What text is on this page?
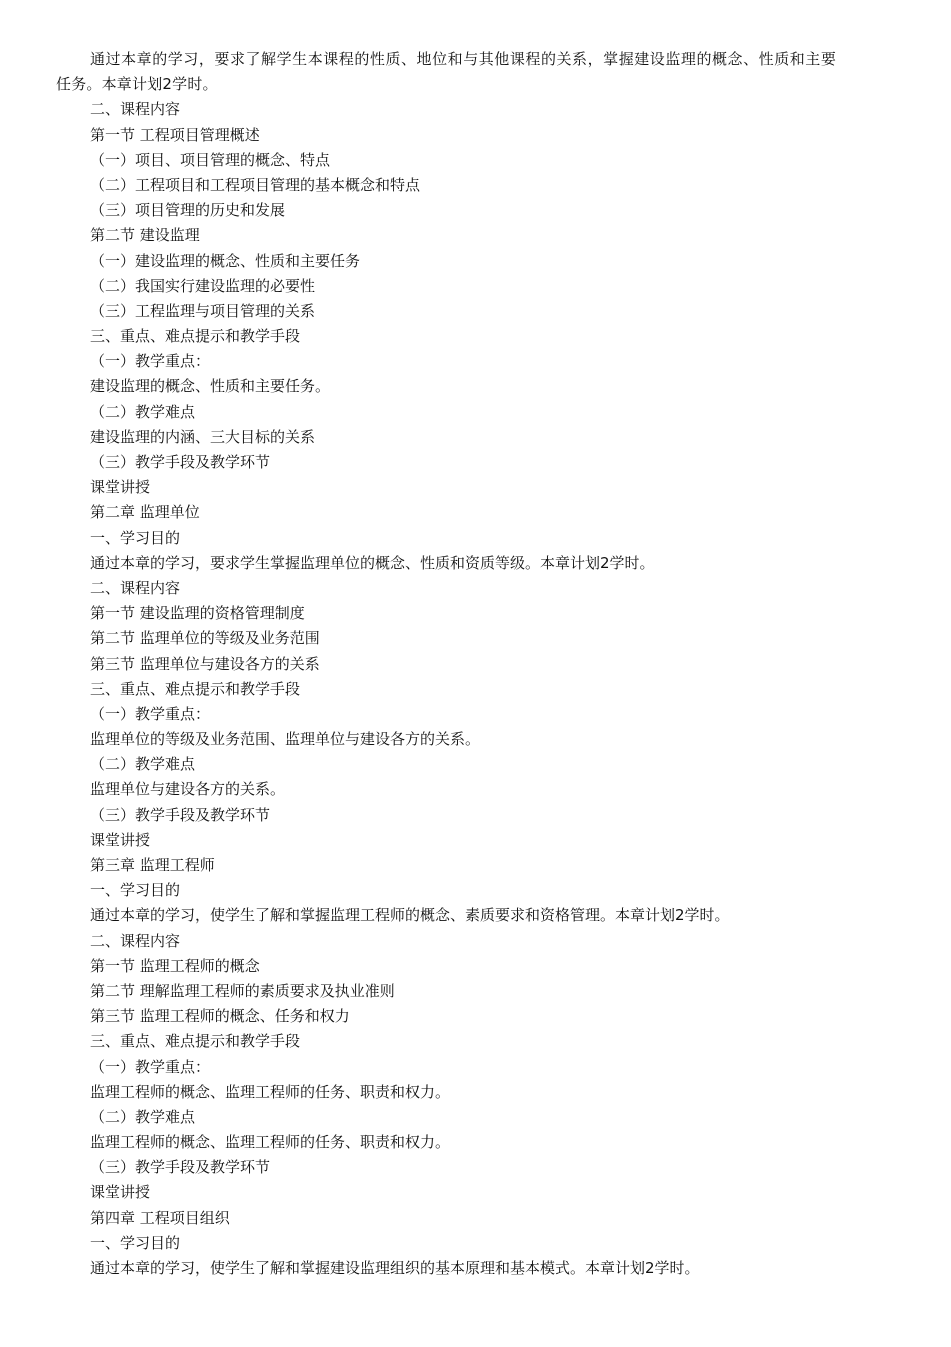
通过本章的学习，要求了解学生本课程的性质、地位和与其他课程的关系，掌握建设监理的概念、性质和主要
任务。本章计划2学时。
二、课程内容
第一节 工程项目管理概述
（一）项目、项目管理的概念、特点
（二）工程项目和工程项目管理的基本概念和特点
（三）项目管理的历史和发展
第二节 建设监理
（一）建设监理的概念、性质和主要任务
（二）我国实行建设监理的必要性
（三）工程监理与项目管理的关系
三、重点、难点提示和教学手段
（一）教学重点：
建设监理的概念、性质和主要任务。
（二）教学难点
建设监理的内涵、三大目标的关系
（三）教学手段及教学环节
课堂讲授
第二章 监理单位
一、学习目的
通过本章的学习，要求学生掌握监理单位的概念、性质和资质等级。本章计划2学时。
二、课程内容
第一节 建设监理的资格管理制度
第二节 监理单位的等级及业务范围
第三节 监理单位与建设各方的关系
三、重点、难点提示和教学手段
（一）教学重点：
监理单位的等级及业务范围、监理单位与建设各方的关系。
（二）教学难点
监理单位与建设各方的关系。
（三）教学手段及教学环节
课堂讲授
第三章 监理工程师
一、学习目的
通过本章的学习，使学生了解和掌握监理工程师的概念、素质要求和资格管理。本章计划2学时。
二、课程内容
第一节 监理工程师的概念
第二节 理解监理工程师的素质要求及执业准则
第三节 监理工程师的概念、任务和权力
三、重点、难点提示和教学手段
（一）教学重点：
监理工程师的概念、监理工程师的任务、职责和权力。
（二）教学难点
监理工程师的概念、监理工程师的任务、职责和权力。
（三）教学手段及教学环节
课堂讲授
第四章 工程项目组织
一、学习目的
通过本章的学习，使学生了解和掌握建设监理组织的基本原理和基本模式。本章计划2学时。
